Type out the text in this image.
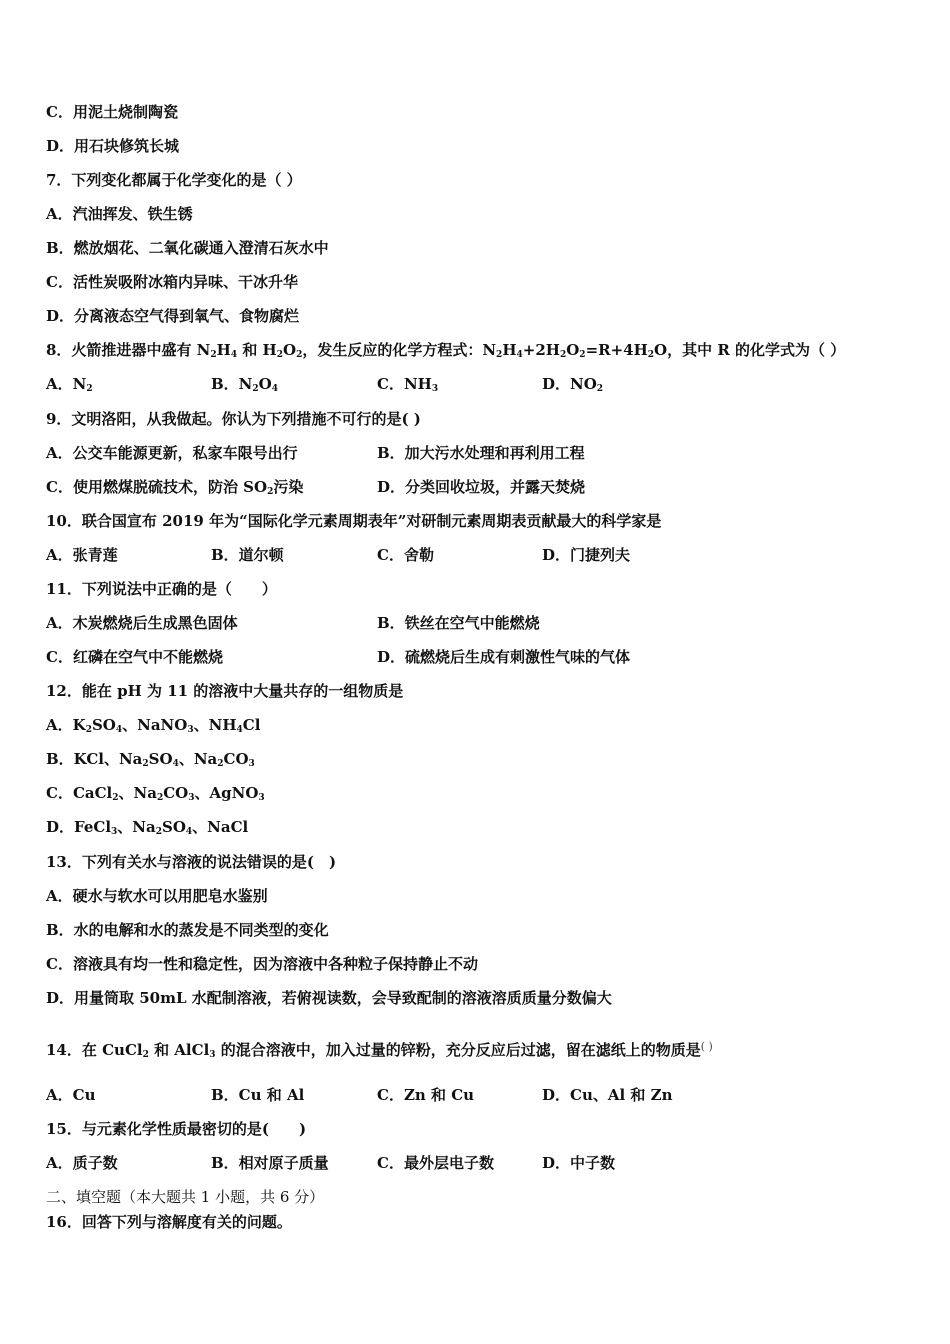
C．用泥土烧制陶瓷
D．用石块修筑长城
7．下列变化都属于化学变化的是（ ）
A．汽油挥发、铁生锈
B．燃放烟花、二氧化碳通入澄清石灰水中
C．活性炭吸附冰箱内异味、干冰升华
D．分离液态空气得到氧气、食物腐烂
8．火箭推进器中盛有 $N_2H_4$ 和 $H_2O_2$，发生反应的化学方程式：$N_2H_4+2H_2O_2=R+4H_2O$，其中 R 的化学式为（ ）
A．$N_2$	B．$N_2O_4$	C．$NH_3$	D．$NO_2$
9．文明洛阳，从我做起。你认为下列措施不可行的是( )
A．公交车能源更新，私家车限号出行	B．加大污水处理和再利用工程
C．使用燃煤脱硫技术，防治 $SO_2$污染	D．分类回收垃圾，并露天焚烧
10．联合国宣布 2019 年为“国际化学元素周期表年”对研制元素周期表贡献最大的科学家是
A．张青莲	B．道尔顿	C．舍勒	D．门捷列夫
11．下列说法中正确的是（　　）
A．木炭燃烧后生成黑色固体	B．铁丝在空气中能燃烧
C．红磷在空气中不能燃烧	D．硫燃烧后生成有刺激性气味的气体
12．能在 pH 为 11 的溶液中大量共存的一组物质是
A．$K_2SO_4$、NaNO$_3$、$NH_4Cl$
B．KCl、$Na_2SO_4$、$Na_2CO_3$
C．CaCl$_2$、$Na_2CO_3$、AgNO$_3$
D．FeCl$_3$、$Na_2SO_4$、NaCl
13．下列有关水与溶液的说法错误的是(　)
A．硬水与软水可以用肥皂水鉴别
B．水的电解和水的蒸发是不同类型的变化
C．溶液具有均一性和稳定性，因为溶液中各种粒子保持静止不动
D．用量筒取 50mL 水配制溶液，若俯视读数，会导致配制的溶液溶质质量分数偏大
14．在 CuCl$_2$ 和 AlCl$_3$ 的混合溶液中，加入过量的锌粉，充分反应后过滤，留在滤纸上的物质是( )
A．Cu	B．Cu 和 Al	C．Zn 和 Cu	D．Cu、Al 和 Zn
15．与元素化学性质最密切的是(　　)
A．质子数	B．相对原子质量	C．最外层电子数	D．中子数
二、填空题（本大题共 1 小题，共 6 分）
16．回答下列与溶解度有关的问题。
